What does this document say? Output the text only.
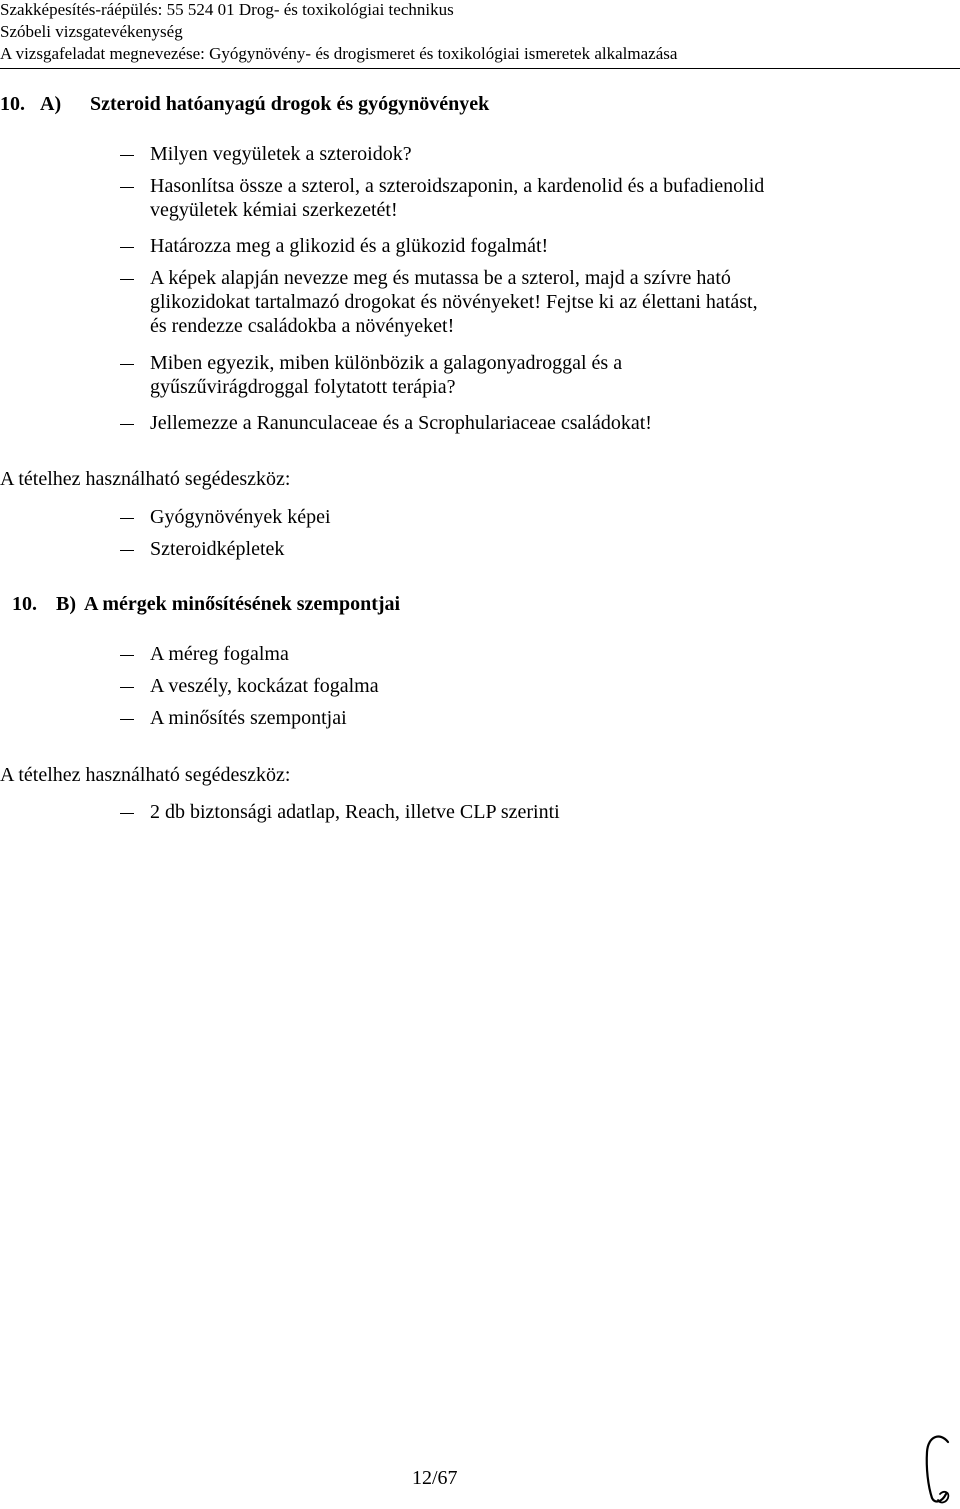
Szakképesítés-ráépülés: 55 524 01 Drog- és toxikológiai technikus
Szóbeli vizsgatevékenység
A vizsgafeladat megnevezése: Gyógynövény- és drogismeret és toxikológiai ismeretek alkalmazása
10. A) Szteroid hatóanyagú drogok és gyógynövények
Milyen vegyületek a szteroidok?
Hasonlítsa össze a szterol, a szteroidszaponin, a kardenolid és a bufadienolid
vegyületek kémiai szerkezetét!
Határozza meg a glikozid és a glükozid fogalmát!
A képek alapján nevezze meg és mutassa be a szterol, majd a szívre ható
glikozidokat tartalmazó drogokat és növényeket! Fejtse ki az élettani hatást,
és rendezze családokba a növényeket!
Miben egyezik, miben különbözik a galagonyadroggal és a
gyűszűvirágdroggal folytatott terápia?
Jellemezze a Ranunculaceae és a Scrophulariaceae családokat!
A tételhez használható segédeszköz:
Gyógynövények képei
Szteroidképletek
10. B) A mérgek minősítésének szempontjai
A méreg fogalma
A veszély, kockázat fogalma
A minősítés szempontjai
A tételhez használható segédeszköz:
2 db biztonsági adatlap, Reach, illetve CLP szerinti
12/67
